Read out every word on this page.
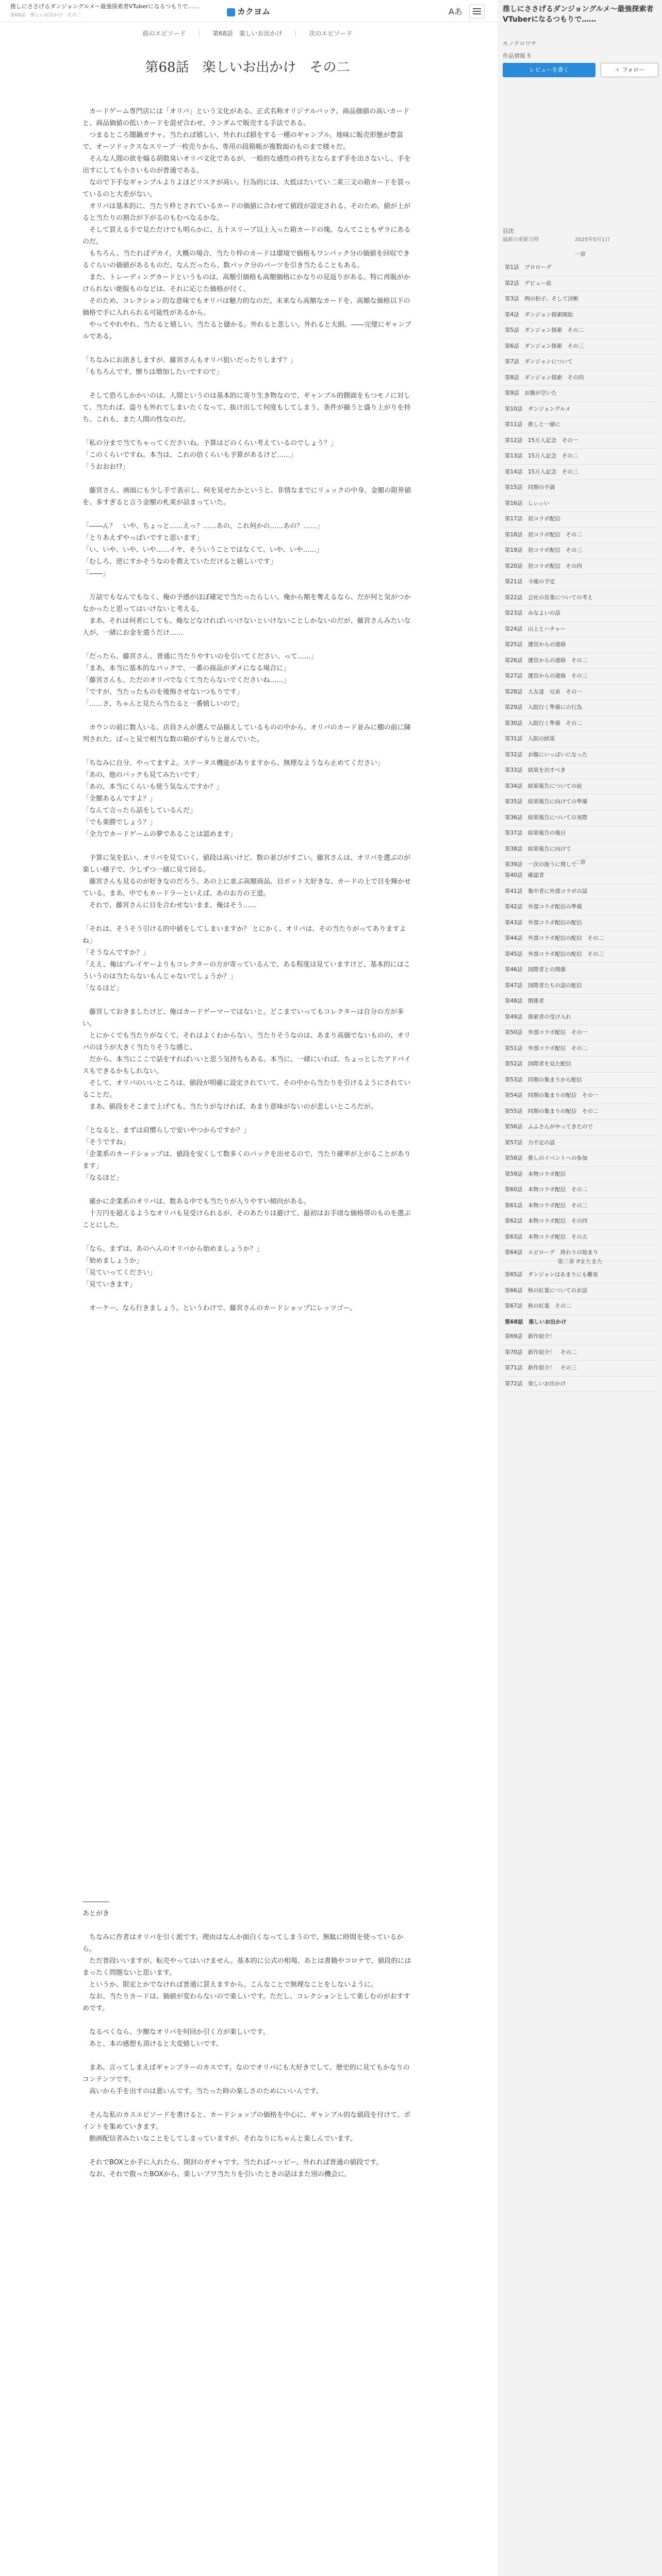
推しにささげるダンジョングルメ～最強探索者VTuberになるつもりで……
第68話　楽しいお出かけ　その二	カクヨム	Aあ
前のエピソード | 第68話　楽しいお出かけ | 次のエピソード
第68話　楽しいお出かけ　その二

カードゲーム専門店には「オリパ」という文化がある。正式名称オリジナルパック。商品価値の高いカードと、商品価値の低いカードを混ぜ合わせ、ランダムで販売する手法である。

つまるところ闇鍋ガチャ。当たれば嬉しい、外れれば損をする一種のギャンブル。地味に販売形態が豊富で、オーソドックスなスリーブ一枚売りから、専用の段箱帳が複数面のものまで様々だ。

そんな人間の欲を煽る胡散臭いオリパ文化であるが、一般的な感性の持ち主ならまず手を出さないし、手を出すにしても小さいものが普通である。

なので下手なギャンブルよりよほどリスクが高い。行為的には、大抵はたいてい二束三文の箱カードを買っているのと大差がない。

オリパは基本的に、当たり枠とされているカードの価値に合わせて値段が設定される。そのため、値が上がると当たりの割合が下がるのもむべなるかな。

そして買える手で見ただけでも明らかに、五十スリーブ以上入った箱カードの塊、なんてこともザラにあるのだ。

もちろん、当たればデカイ。大概の場合、当たり枠のカードは環境で価格もワンパック分の価値を回収できるぐらいの価値があるものだ。なんだったら、数パック分のパーツを引き当たることもある。

また、トレーディングカードというものは、高額引価格も高額価格にかなりの見返りがある。特に再販がかけられない絶版ものなどは、それに応じた価格が付く。

そのため、コレクション的な意味でもオリパは魅力的なのだ。未来なら高額なカードを、高額な価格以下の価格で手に入れられる可能性があるから。

やってやれやれ、当たると嬉しい。当たると儲かる。外れると悲しい。外れると大損。――完璧にギャンブルである。

「ちなみにお訊きしますが、藤宮さんもオリパ狙いだったりします？」

「もちろんです。懐りは増加したいですので」

そして恐ろしかかいのは、人間というのは基本的に寄り生き物なので、ギャンブル的側面をもつモノに対して、当たれば、盗りも外れてしまいたくなって、抜け出して何度もしてしまう。条件が揃うと盛り上がりを持ち、これも、また人間の性なのだ。

「私の分まで当てちゃってくださいね。予算はどのくらい考えているのでしょう？」

「このくらいですね。本当は、これの倍くらいも予算があるけど……」

「うおおお!?」

藤宮さん、画面にも少し手で表示し、何を見せたかというと、非情なまでにリュックの中身。金額の限界値を、多すぎると言う金額の札束が詰まっていた。

「――ん？　いや、ちょっと……えっ？……あの、これ何かの……あの？……」

「とりあえずやっぱいですと思います」

「い、いや、いや、いや……イヤ、そういうことではなくて、いや、いや……」

「むしろ、逆にすかそうなのを教えていただけると嬉しいです」

「――」

万話でもなんでもなく、俺の予感がほぼ確定で当たったらしい。俺から額を奪えるなら、だが何と気がつかなかったと思ってはいけないと考える。

まあ、それは何者にしても、俺などなければいいけないといけないことしかないのだが、藤宮さんみたいな人が、一緒にお金を遣うだけ……

「だったら、藤宮さん。普通に当たりやすいのを引いてください、って……」

「まあ、本当に基本的なパックで、一番の商品がダメになる場合に」

「藤宮さんも、ただのオリパでなくて当たらないでくださいね……」

「ですが、当たったものを後悔させないつもりです」

「……さ、ちゃんと見たら当たると一番嬉しいので」

カウンの前に数人いる、店員さんが選んで品揃えしているものの中から、オリパのカード並みに棚の前に陳列された、ぱっと見で相当な数の箱がずらりと並んでいた。

「ちなみに自分、やってますよ。ステータス機能がありますから、無理なようなら止めてください」

「あの、他のパックも見てみたいです」

「あの、本当にくらいも使う気なんですか？」

「全額あるんですよ？」

「なんて言ったら話をしているんだ」

「でも楽勝でしょう？」

「全力でカードゲームの夢であることは認めます」

予算に気を払い、オリパを見ていく。値段は高いけど、数の並びがすごい。藤宮さんは、オリパを選ぶのが楽しい様子で、少しずつ一緒に見て回る。

藤宮さんも見るのが好きなのだろう。あの上に並ぶ高額商品、目ボット大好きな、カードの上で目を輝かせている。まあ、中でもカードラーといえば、あのお方の王道。

それで、藤宮さんに目を合わせないまま、俺はそう……

「それは、そうそう引ける的中値をしてしまいますか？ とにかく、オリパは、その当たりがってありますよね」

「そうなんですか？」

「ええ、俺はプレイヤーよりもコレクターの方が寄っているんで、ある程度は見ていますけど、基本的にはこういうのは当たらないもんじゃないでしょうか？」

「なるほど」

藤宮しておきましたけど、俺はカードゲーマーではないと。どこまでいってもコレクターは自分の方が多い。

とにかくでも当たりがなくて、それはよくわからない。当たりそうなのは、あまり高価でないものの、オリパのほうが大きく当たりそうな感じ。

だから、本当にここで話をすればいいと思う気持ちもある。本当に、一緒にいれば、ちょっとしたアドバイスもできるかもしれない。

そして、オリパのいいところは、値段が明確に設定されていて、その中から当たりを引けるようにされていることだ。

まあ、値段をそこまで上げても、当たりがなければ、あまり意味がないのが悲しいところだが。

「となると、まずは肩慣らしで安いやつからですか？」

「そうですね」

「企業系のカードショップは、値段を安くして数多くのパックを出せるので、当たり確率が上がることがあります」

「なるほど」

確かに企業系のオリパは、数ある中でも当たりが入りやすい傾向がある。

十万円を超えるようなオリパも見受けられるが、そのあたりは避けて、最初はお手頃な価格帯のものを選ぶことにした。

「なら、まずは、あのへんのオリパから始めましょうか？」

「始めましょうか」

「見ていってください」

「見ていきます」

オーケー、なら行きましょう。というわけで、藤宮さんのカードショップにレッツゴー。

――――

あとがき

ちなみに作者はオリパを引く派です。理由はなんか面白くなってしまうので、無駄に時間を使っているから。

ただ普段いいますが、転売やってはいけません。基本的に公式の相場、あとは書籍やコロナで、値段的にはまったく問題ないと思います。

というか、限定とかでなければ普通に買えますから。こんなことで無理なことをしないように。

なお、当たりカードは、価値が変わらないので楽しいです。ただし、コレクションとして楽しむのがおすすめです。

なるべくなら、少額なオリパを何回か引く方が楽しいです。

あと、本の感想も頂けると大変嬉しいです。

まあ、言ってしまえばギャンブラーのカスです。なのでオリパにも大好きでして、歴史的に見てもかなりのコンテンツです。

高いから手を出すのは悪いんです。当たった時の楽しさのためにいいんです。

そんな私のカスエピソードを書けると、カードショップの価格を中心に、ギャンブル的な値段を付けて、ポイントを集めていきます。

動画配信者みたいなことをしてしまっていますが、それなりにちゃんと楽しんでいます。

それでBOXとか手に入れたら、開封のガチャです。当たればハッピー、外れれば普通の値段です。

なお、それで散ったBOXから、楽しいブワ当たりを引いたときの話はまた別の機会に。

推しにささげるダンジョングルメ～最強探索者VTuberになるつもりで……
モノクロワサ
作品情報 5
レビューを書く	＋ フォロー
目次
最新の更新日時	2025年5月1日
一章
第1話　プロローグ
第2話　デビュー前
第3話　例の拍子、そして決断
第4話　ダンジョン探索開始
第5話　ダンジョン探索　その二
第6話　ダンジョン探索　その三
第7話　ダンジョンについて
第8話　ダンジョン探索　その四
第9話　お腹が空いた
第10話　ダンジョングルメ
第11話　推しと一緒に
第12話　15万人記念　その一
第13話　15万人記念　その二
第14話　15万人記念　その三
第15話　同期の不満
第16話　しぃぃい
第17話　初コラボ配信
第18話　初コラボ配信　その二
第19話　初コラボ配信　その三
第20話　初コラボ配信　その四
第21話　今後の予定
第22話　会社の営業についての考え
第23話　みなよいの話
第24話　山上とハチャー
第25話　運営からの連絡
第26話　運営からの連絡　その二
第27話　運営からの連絡　その三
第28話　大友達　兄弟　その一
第29話　入院行く準備にの行為
第30話　入院行く準備　その二
第31話　入院の結果
第32話　お腹にいっぱいになった
第33話　結果を出すべき
第34話　結果報告についての前
第35話　結果報告に向けての準備
第36話　結果報告についての実際
第37話　結果報告の後日
第38話　結果報告に向けて
第39話　一次の扱うに関して
二章
第40話　確認者
第41話　集中者に外部コラボの話
第42話　外部コラボ配信の準備
第43話　外部コラボ配信の配信
第44話　外部コラボ配信の配信　その二
第45話　外部コラボ配信の配信　その三
第46話　国際者との関係
第47話　国際者たちの話の配信
第48話　関係者
第49話　探索者の受け入れ
第50話　外部コラボ配信　その一
第51話　外部コラボ配信　その二
第52話　国際者を見た配信
第53話　同期の集まりから配信
第54話　同期の集まりの配信　その一
第55話　同期の集まりの配信　その二
第56話　ふふさんがやってきたので
第57話　力不足の話
第58話　推しのイベントへの参加
第59話　本物コラボ配信
第60話　本物コラボ配信　その二
第61話　本物コラボ配信　その三
第62話　本物コラボ配信　その四
第63話　本物コラボ配信　その五
第64話　エピローグ　終わりの始まり
第二章 ifまたまた
第65話　ダンジョンはあまりにも難易
第66話　秋の紅葉についてのお話
第67話　秋の紅葉　その二
第68話　楽しいお出かけ
第69話　新作紹介！
第70話　新作紹介！　その二
第71話　新作紹介！　その三
第72話　楽しいお出かけ
